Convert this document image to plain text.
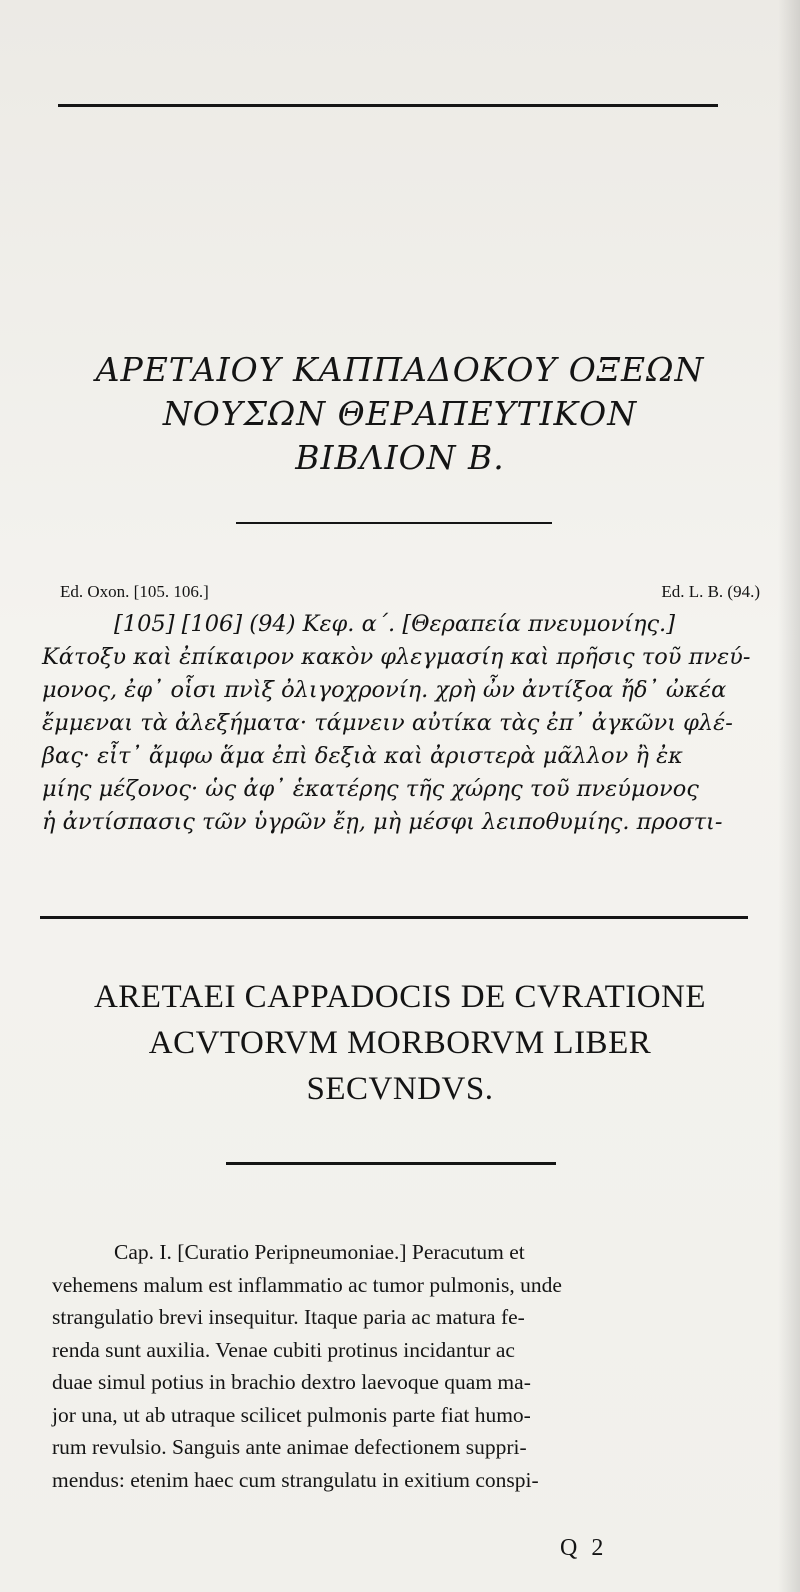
ΑΡΕΤΑΙΟΥ ΚΑΠΠΑΔΟΚΟΥ ΟΞΕΩΝ
ΝΟΥΣΩΝ ΘΕΡΑΠΕΥΤΙΚΟΝ
ΒΙΒΛΙΟΝ Β.
Ed. Oxon. [105. 106.]	Ed. L. B. (94.)
[105] [106] (94) Κεφ. α΄. [Θεραπεία πνευμονίης.]
Κάτοξυ καὶ ἐπίκαιρον κακὸν φλεγμασίη καὶ πρῆσις τοῦ πνεύ-
μονος, ἐφ᾽ οἷσι πνὶξ ὀλιγοχρονίη. χρὴ ὦν ἀντίξοα ἤδ᾽ ὠκέα
ἔμμεναι τὰ ἀλεξήματα· τάμνειν αὐτίκα τὰς ἐπ᾽ ἀγκῶνι φλέ-
βας· εἶτ᾽ ἄμφω ἅμα ἐπὶ δεξιὰ καὶ ἀριστερὰ μᾶλλον ἢ ἐκ
μίης μέζονος· ὡς ἀφ᾽ ἑκατέρης τῆς χώρης τοῦ πνεύμονος
ἡ ἀντίσπασις τῶν ὑγρῶν ἔῃ, μὴ μέσφι λειποθυμίης. προστι-
ARETAEI CAPPADOCIS DE CVRATIONE
ACVTORVM MORBORVM LIBER
SECVNDVS.
Cap. I. [Curatio Peripneumoniae.] Peracutum et
vehemens malum est inflammatio ac tumor pulmonis, unde
strangulatio brevi insequitur. Itaque paria ac matura fe-
renda sunt auxilia. Venae cubiti protinus incidantur ac
duae simul potius in brachio dextro laevoque quam ma-
jor una, ut ab utraque scilicet pulmonis parte fiat humo-
rum revulsio. Sanguis ante animae defectionem suppri-
mendus: etenim haec cum strangulatu in exitium conspi-
Q 2
